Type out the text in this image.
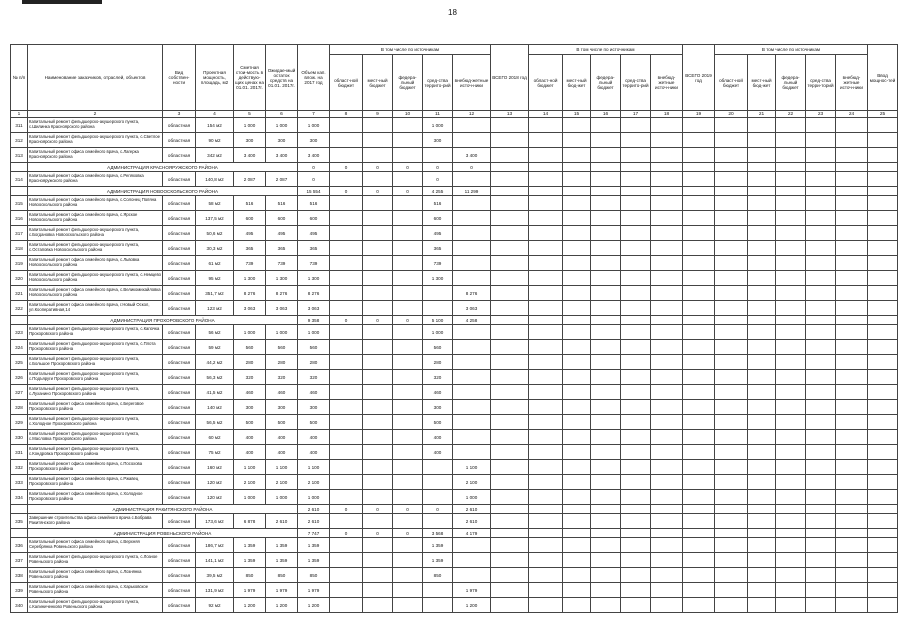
18
№ п/п	Наименование заказчиков, отраслей, объектов	Вид собствен-ности	Проектная мощность, площадь, м2	Сметная стои-мость в действую-щих ценах на 01.01. 2017г.	Ожидае-мый остаток средств на 01.01. 2017г.	Объем кап. влож. на 2017 год	В том числе по источникам					ВСЕГО 2018 год	В том числе по источникам					ВСЕГО 2019 год	В том числе по источникам					Ввод мощнос-тей
							област-ной бюджет	мест-ный бюджет	федера-льный бюджет	сред-ства террито-рий	внебюд-жетные источ-ники		област-ной бюджет	мест-ный бюд-жет	федера-льный бюджет	сред-ства террито-рий	внебюд-жетные источ-ники		област-ной бюджет	мест-ный бюд-жет	федера-льный бюджет	сред-ства терри-торий	внебюд-жетные источ-ники	
1	2	3	4	5	6	7	8	9	10	11	12	13	14	15	16	17	18	19	20	21	22	23	24	25
311	Капитальный ремонт фельдшерско-акушерского пункта, с.Шилинка Красноярского района	областная	154 м2	1 000	1 000	1 000				1 000														
312	Капитальный ремонт фельдшерско-акушерского пункта, с.Светлое Красноярского района	областная	90 м2	300	300	300				300														
313	Капитальный ремонт офиса семейного врача, с.Лагерка Красноярского района	областная	342 м2	3 400	3 400	3 400					3 400													
	АДМИНИСТРАЦИЯ КРАСНОЯРУЖСКОГО РАЙОНА					0	0	0	0	0	0													
314	Капитальный ремонт офиса семейного врача, с.Репяховка Краснояружского района	областная	140,8 м2	2 087	2 087	0				0														
	АДМИНИСТРАЦИЯ НОВООСКОЛЬСКОГО РАЙОНА					15 554	0	0	0	4 255	11 299													
315	Капитальный ремонт офиса семейного врача, с.Солонец Поляна Новооскольского района	областная	58 м2	516	516	516				516														
316	Капитальный ремонт офиса семейного врача, с.Ярское Новооскольского района	областная	137,5 м2	600	600	600				600														
317	Капитальный ремонт фельдшерско-акушерского пункта, с.Богдановка Новооскольского района	областная	50,6 м2	495	495	495				495														
318	Капитальный ремонт фельдшерско-акушерского пункта, с.Остаповка Новооскольского района	областная	30,3 м2	365	365	365				365														
319	Капитальный ремонт офиса семейного врача, с.Львовка Новооскольского района	областная	61 м2	739	739	739				739														
320	Капитальный ремонт фельдшерско-акушерского пункта, с.Немцево Новооскольского района	областная	95 м2	1 300	1 300	1 300				1 300														
321	Капитальный ремонт офиса семейного врача, с.Великомихайловка Новооскольского района	областная	351,7 м2	8 276	8 276	8 276					8 276													
322	Капитальный ремонт офиса семейного врача, г.Новый Оскол, ул.Кооперативная,14	областная	123 м2	3 063	3 063	3 063					3 063													
	АДМИНИСТРАЦИЯ ПРОХОРОВСКОГО РАЙОНА					9 358	0	0	0	5 100	4 258													
323	Капитальный ремонт фельдшерско-акушерского пункта, с.Капочка Прохоровского района	областная	56 м2	1 000	1 000	1 000				1 000														
324	Капитальный ремонт фельдшерско-акушерского пункта, с.Плота Прохоровского района	областная	59 м2	560	560	560				560														
325	Капитальный ремонт фельдшерско-акушерского пункта, с.Большое Прохоровского района	областная	44,2 м2	280	280	280				280														
326	Капитальный ремонт фельдшерско-акушерского пункта, с.Подъяруги Прохоровского района	областная	56,3 м2	320	320	320				320														
327	Капитальный ремонт фельдшерско-акушерского пункта, с.Луханино Прохоровского района	областная	41,5 м2	460	460	460				460														
328	Капитальный ремонт офиса семейного врача, с.Береговое Прохоровского района	областная	140 м2	300	300	300				300														
329	Капитальный ремонт фельдшерско-акушерского пункта, с.Холодное Прохоровского района	областная	56,5 м2	500	500	500				500														
330	Капитальный ремонт фельдшерско-акушерского пункта, с.Масловка Прохоровского района	областная	60 м2	400	400	400				400														
331	Капитальный ремонт фельдшерско-акушерского пункта, с.Кондровка Прохоровского района	областная	75 м2	400	400	400				400														
332	Капитальный ремонт офиса семейного врача, с.Посохова Прохоровского района	областная	160 м2	1 100	1 100	1 100					1 100													
333	Капитальный ремонт офиса семейного врача, с.Ржавец Прохоровского района	областная	120 м2	2 100	2 100	2 100					2 100													
334	Капитальный ремонт офиса семейного врача, с.Холодное Прохоровского района	областная	120 м2	1 000	1 000	1 000					1 000													
	АДМИНИСТРАЦИЯ РАКИТЯНСКОГО РАЙОНА					2 610	0	0	0	0	2 610													
335	Завершение строительства офиса семейного врача с.Бобрава Ракитянского района	областная	173,6 м2	6 878	2 610	2 610					2 610													
	АДМИНИСТРАЦИЯ РОВЕНЬСКОГО РАЙОНА					7 747	0	0	0	3 568	4 179													
336	Капитальный ремонт офиса семейного врача, с.Верхняя Серебрянка Ровеньского района	областная	186,7 м2	1 359	1 359	1 359				1 359														
337	Капитальный ремонт фельдшерско-акушерского пункта, с.Лозное Ровеньского района	областная	141,1 м2	1 359	1 359	1 359				1 359														
338	Капитальный ремонт офиса семейного врача, с.Лознянка Ровеньского района	областная	39,5 м2	850	850	850				850														
339	Капитальный ремонт офиса семейного врача, с.Харьковское Ровеньского района	областная	131,9 м2	1 979	1 979	1 979					1 979													
340	Капитальный ремонт фельдшерско-акушерского пункта, с.Калиниченково Ровеньского района	областная	92 м2	1 200	1 200	1 200					1 200													
